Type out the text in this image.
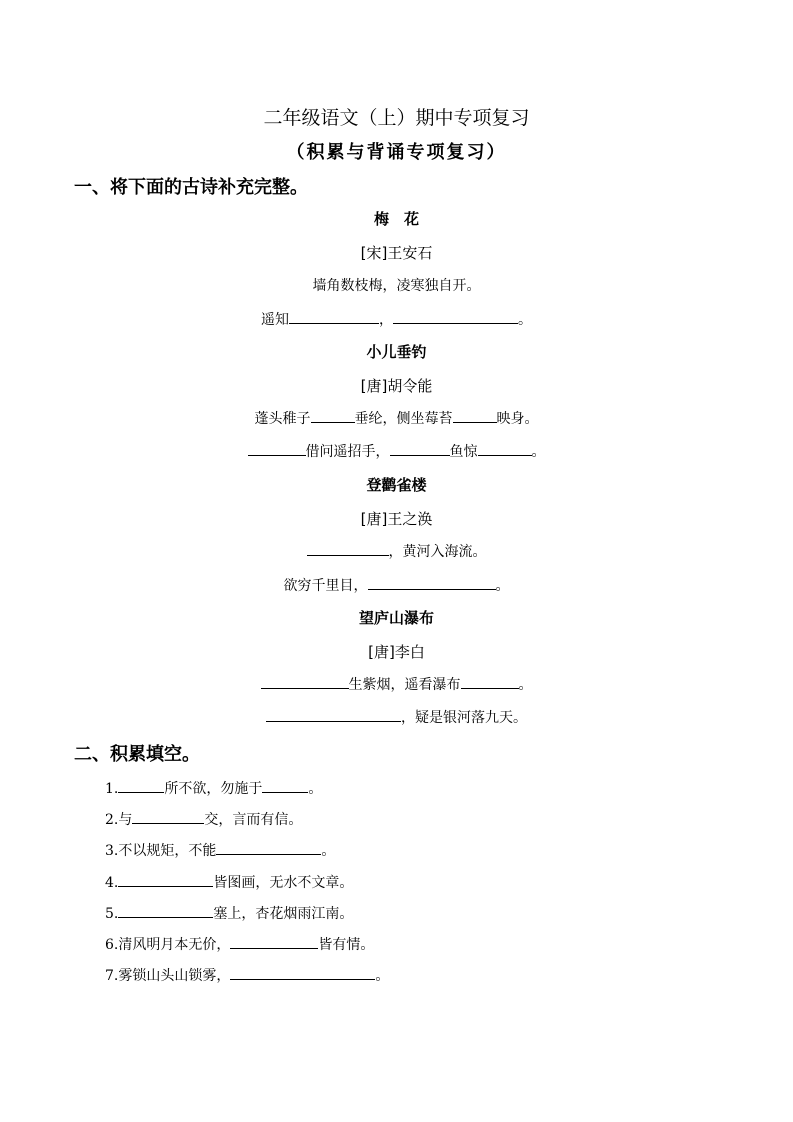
二年级语文（上）期中专项复习
（积累与背诵专项复习）
一、将下面的古诗补充完整。
梅　花
[宋]王安石
墙角数枝梅，凌寒独自开。
遥知	，	。
小儿垂钓
[唐]胡令能
蓬头稚子	垂纶，侧坐莓苔	映身。
借问遥招手，	鱼惊	。
登鹳雀楼
[唐]王之涣
，黄河入海流。
欲穷千里目，	。
望庐山瀑布
[唐]李白
生紫烟，遥看瀑布	。
，疑是银河落九天。
二、积累填空。
1.	所不欲，勿施于	。
2.与	交，言而有信。
3.不以规矩，不能	。
4.	皆图画，无水不文章。
5.	塞上，杏花烟雨江南。
6.清风明月本无价，	皆有情。
7.雾锁山头山锁雾，	。
